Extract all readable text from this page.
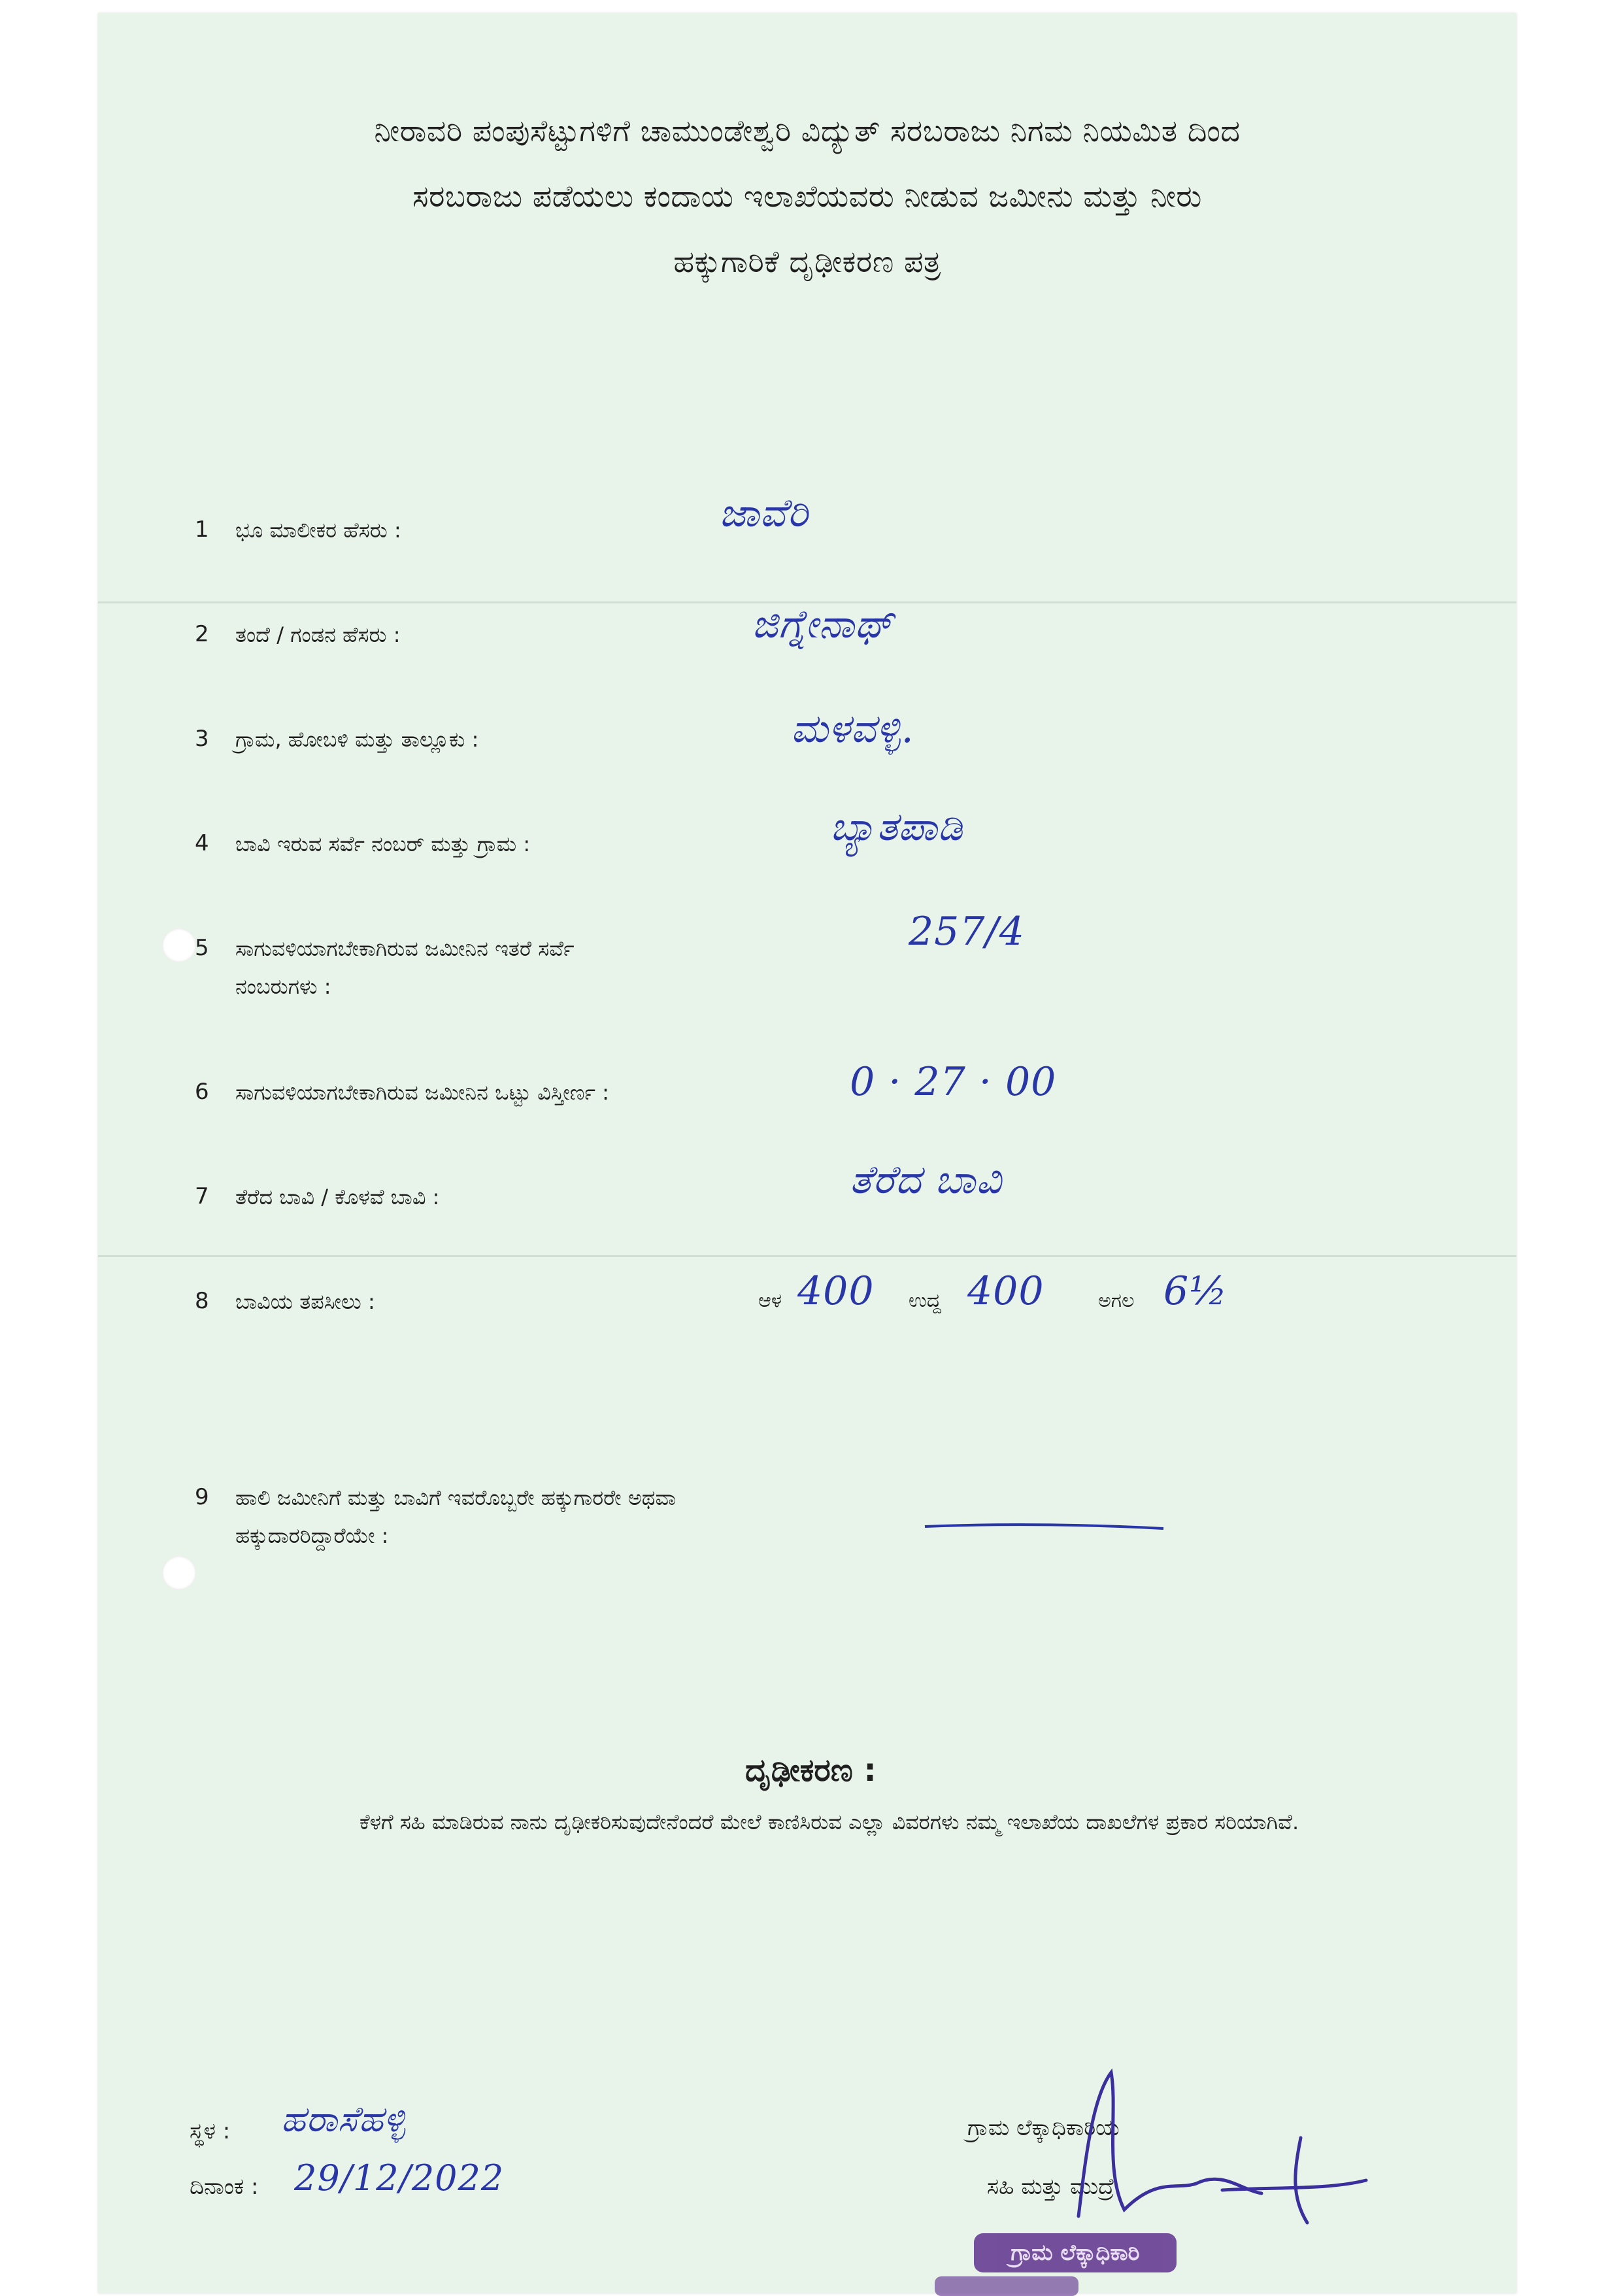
ನೀರಾವರಿ ಪಂಪುಸೆಟ್ಟುಗಳಿಗೆ ಚಾಮುಂಡೇಶ್ವರಿ ವಿದ್ಯುತ್ ಸರಬರಾಜು ನಿಗಮ ನಿಯಮಿತ ದಿಂದ
ಸರಬರಾಜು ಪಡೆಯಲು ಕಂದಾಯ ಇಲಾಖೆಯವರು ನೀಡುವ ಜಮೀನು ಮತ್ತು ನೀರು
ಹಕ್ಕುಗಾರಿಕೆ ದೃಢೀಕರಣ ಪತ್ರ
1 ಭೂ ಮಾಲೀಕರ ಹೆಸರು :	ಜಾವೆರಿ
2 ತಂದೆ / ಗಂಡನ ಹೆಸರು :	ಜಿಗ್ನೇನಾಥ್
3 ಗ್ರಾಮ, ಹೋಬಳಿ ಮತ್ತು ತಾಲ್ಲೂಕು :	ಮಳವಳ್ಳಿ.
4 ಬಾವಿ ಇರುವ ಸರ್ವೆ ನಂಬರ್ ಮತ್ತು ಗ್ರಾಮ :	ಬ್ಯಾತಪಾಡಿ
5 ಸಾಗುವಳಿಯಾಗಬೇಕಾಗಿರುವ ಜಮೀನಿನ ಇತರೆ ಸರ್ವೆ ನಂಬರುಗಳು :
257/4
6 ಸಾಗುವಳಿಯಾಗಬೇಕಾಗಿರುವ ಜಮೀನಿನ ಒಟ್ಟು ವಿಸ್ತೀರ್ಣ :	0 · 27 · 00
7 ತೆರೆದ ಬಾವಿ / ಕೊಳವೆ ಬಾವಿ :	ತೆರೆದ ಬಾವಿ
8 ಬಾವಿಯ ತಪಸೀಲು :	ಆಳ 400 ಉದ್ದ 400	ಅಗಲ 6½
9 ಹಾಲಿ ಜಮೀನಿಗೆ ಮತ್ತು ಬಾವಿಗೆ ಇವರೊಬ್ಬರೇ ಹಕ್ಕುಗಾರರೇ ಅಥವಾ ಹಕ್ಕುದಾರರಿದ್ದಾರೆಯೇ :
ದೃಢೀಕರಣ :
ಕೆಳಗೆ ಸಹಿ ಮಾಡಿರುವ ನಾನು ದೃಢೀಕರಿಸುವುದೇನೆಂದರೆ ಮೇಲೆ ಕಾಣಿಸಿರುವ ಎಲ್ಲಾ ವಿವರಗಳು ನಮ್ಮ ಇಲಾಖೆಯ ದಾಖಲೆಗಳ ಪ್ರಕಾರ ಸರಿಯಾಗಿವೆ.
ಸ್ಥಳ : ಹರಾಸೆಹಳ್ಳಿ
ದಿನಾಂಕ : 29/12/2022
ಗ್ರಾಮ ಲೆಕ್ಕಾಧಿಕಾರಿಯ
ಸಹಿ ಮತ್ತು ಮುದ್ರೆ
ಗ್ರಾಮ ಲೆಕ್ಕಾಧಿಕಾರಿ
